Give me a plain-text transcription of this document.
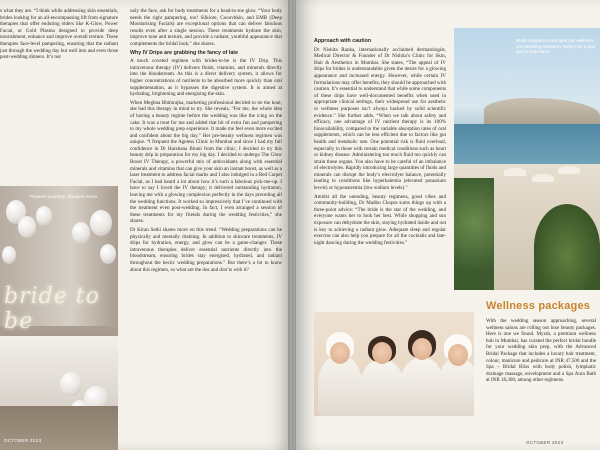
s what they are. “I think while addressing skin essentials, brides looking for an all-encompassing lift from signature therapies that offer enduring olders like K-Glow, Power Facial, or Gold Plasma designed to provide deep nourishment, enhance and improve overall texture. These therapies face-level pampering, ensuring that the radiant just through the wedding day but well into and even those post-wedding dinners. It’s not

bride to be
Pictures courtesy: Sanjana Arora
OCTOBER 2023

only the face, ask for body treatments for a head-to-toe glow. “Your body needs the right pampering, too! Silkiore, Coouvbkin, and EMB (Deep Moisturising Facials) are exceptional options that can deliver fabulous results even after a single session. These treatments hydrate the skin, improve tone and texture, and provide a radiant, youthful appearance that complements the bridal look,” she shares.

Why IV Drips are grabbing the fancy of late

A much coveted regimen with brides-to-be is the IV Drip. This intravenous therapy (IV) delivers fluids, vitamins, and minerals directly into the bloodstream. As this is a direct delivery system, it allows for higher concentrations of nutrients to be absorbed more quickly than oral supplementation, as it bypasses the digestive system. It is aimed at hydrating, brightening and energising the skin.

When Meghna Bhimrajka, marketing professional decided to tie the knot, she had this therapy in mind to try. She reveals, “For me, the whole idea of having a beauty regime before the wedding was like the icing on the cake. It was a treat for me and added that bit of extra fun and pampering to my whole wedding prep experience. It made me feel even more excited and confident about the big day.” Her pre-beauty wellness regimen was unique. “I frequent the Ageless Clinic in Mumbai and since I had my full confidence in Dr Harshana Bitani from the clinic, I decided to try this beauty drip in preparation for my big day. I decided to undergo The Glow Boost IV Therapy, a powerful mix of antioxidants along with essential minerals and vitamins that can give your skin an instant boost, as well as a laser treatment to address facial marks and I also indulged in a Red Carpet Facial, as I had heard a lot about how it’s such a fabulous pick-me-up. I have to say I loved the IV therapy; it delivered outstanding hydration, leaving me with a glowing complexion perfectly in the days preceding all the wedding functions. It worked so impressively that I’ve continued with the treatment even post-wedding. In fact, I even arranged a session of these treatments for my friends during the wedding festivities,” she shares.

Dr Kiran Sethi shares more on this trend. “Wedding preparations can be physically and mentally draining. In addition to skincare treatments, IV drips for hydration, energy, and glow can be a game-changer. These intravenous therapies deliver essential nutrients directly into the bloodstream, ensuring brides stay energised, hydrated, and radiant throughout the hectic wedding preparations.” But there’s a lot to know about this regimen, so what are the dos and don’ts with it?

Approach with caution

Dr Nishita Ranka, internationally acclaimed dermatologist, Medical Director & Founder of Dr Nishita’s Clinic for Skin, Hair & Aesthetics in Mumbai. She states, “The appeal of IV drips for brides is understandable given the desire for a glowing appearance and increased energy. However, while certain IV formulations may offer benefits, they should be approached with caution. It’s essential to understand that while some components of these drips have well-documented benefits when used in appropriate clinical settings, their widespread use for aesthetic or wellness purposes isn’t always backed by solid scientific evidence.” She further adds, “When we talk about safety and efficacy, one advantage of IV nutrient therapy is its 100% bioavailability, compared to the variable absorption rates of oral supplements, which can be less efficient due to factors like gut health and metabolic rate. One potential risk is fluid overload, especially in those with certain medical conditions such as heart or kidney disease. Administering too much fluid too quickly can strain these organs. You also have to be careful of an imbalance of electrolytes. Rapidly introducing large quantities of fluids and minerals can disrupt the body’s electrolyte balance, potentially leading to conditions like hyperkalemia (elevated potassium levels) or hyponatremia (low sodium levels).”

Amidst all the unending, beauty regimens, good vibes and community-building, Dr Madhu Chopra sums things up with a three-point advice: “The bride is the star of the wedding, and everyone wants her to look her best. While shopping and sun exposure can dehydrate the skin, staying hydrated inside and out is key to achieving a radiant glow. Adequate sleep and regular exercise can also help you prepare for all the cocktails and late-night dancing during the wedding festivities.”

Bride Sanjana Arora took her wellness pre-wedding retreat to Turkey for a spa and a staycation
Wellness packages

With the wedding season approaching, several wellness salons are rolling out luxe beauty packages. Here is one we found. Myrah, a premium wellness hub in Mumbai, has curated the perfect bridal bundle for your wedding skin prep, with the Advanced Bridal Package that includes a luxury hair treatment, colour, manicure and pedicure at INR 47,500 and the Spa – Bridal Bliss with body polish, lymphatic drainage massage, envelopment and a Spa Aura Bath at INR 18,300, among other regimens.

OCTOBER 2023
